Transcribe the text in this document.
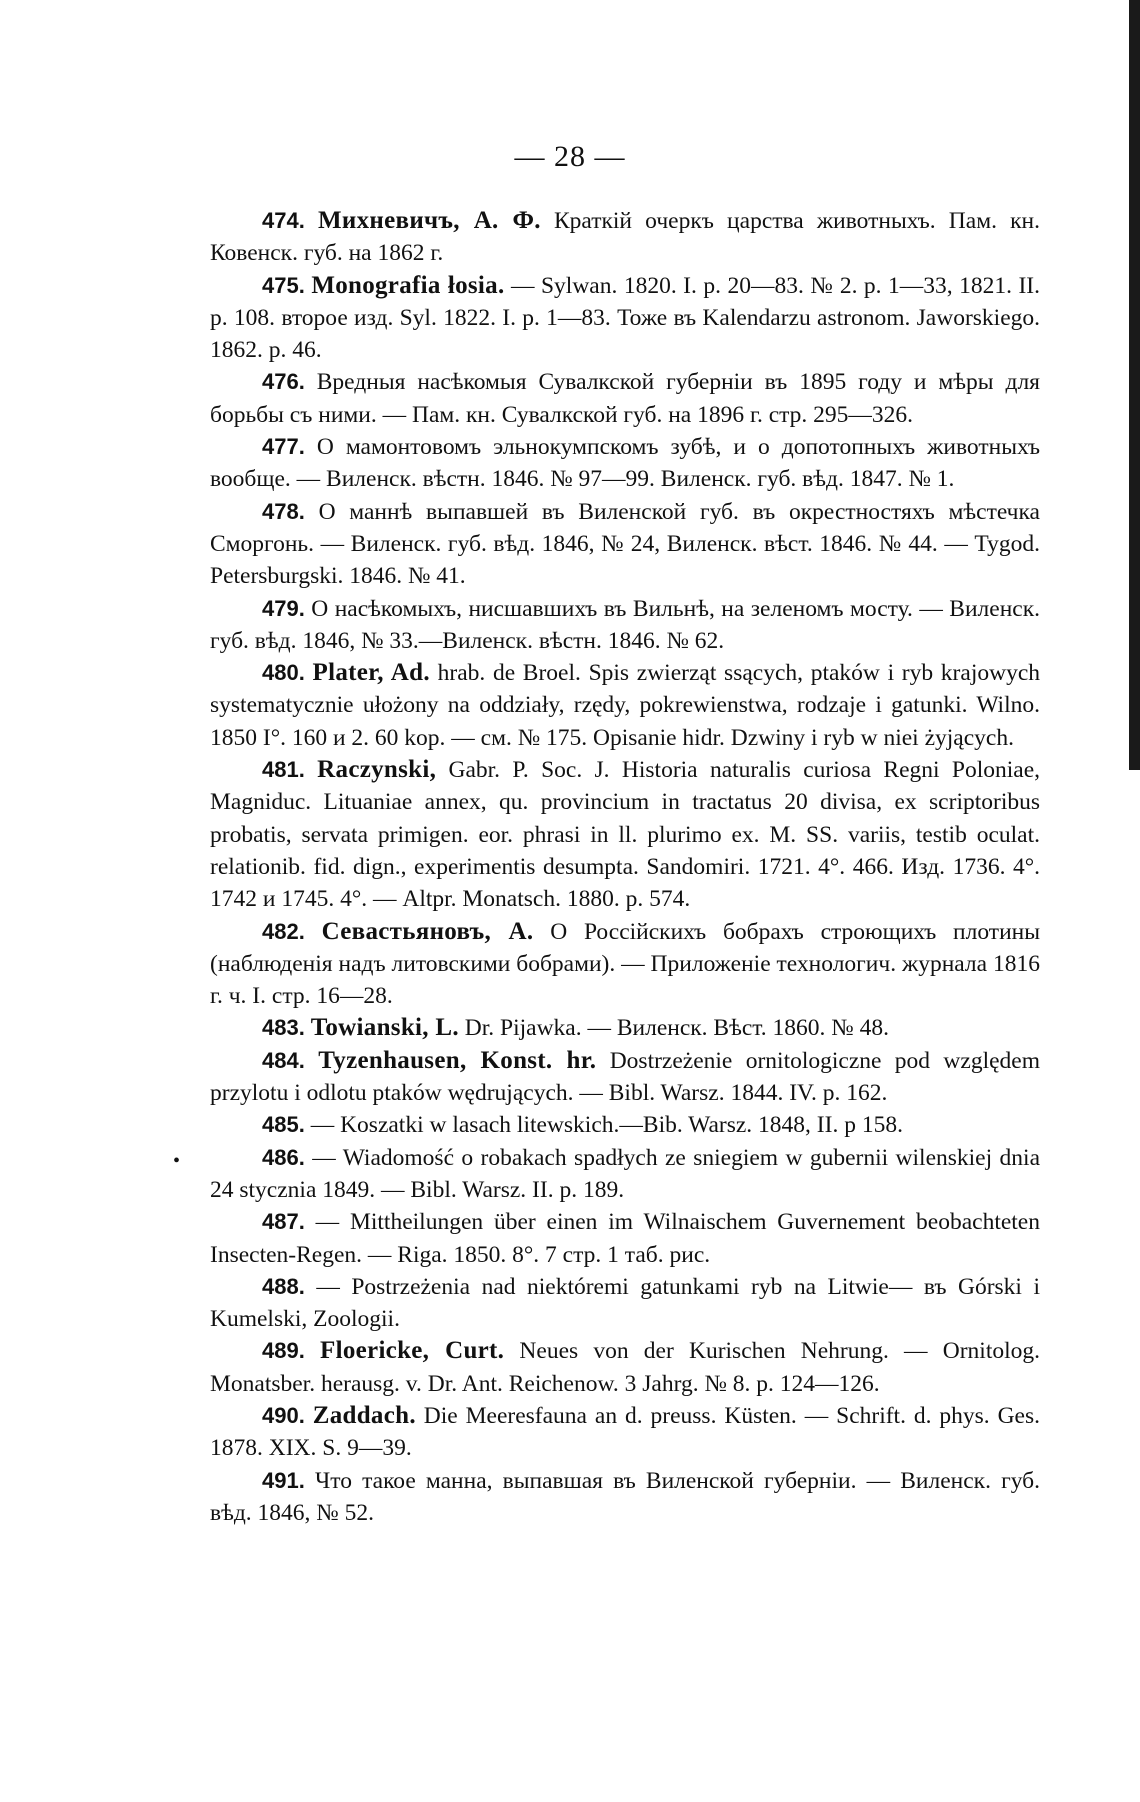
— 28 —
•

474. Михневичъ, А. Ф. Краткій очеркъ царства животныхъ. Пам. кн. Ковенск. губ. на 1862 г.

475. Monografia łosia. — Sylwan. 1820. I. p. 20—83. № 2. p. 1—33, 1821. II. p. 108. второе изд. Syl. 1822. I. p. 1—83. Тоже въ Kalendarzu astronom. Jaworskiego. 1862. p. 46.

476. Вредныя насѣкомыя Сувалкской губерніи въ 1895 году и мѣры для борьбы съ ними. — Пам. кн. Сувалкской губ. на 1896 г. стр. 295—326.

477. О мамонтовомъ эльнокумпскомъ зубѣ, и о допотопныхъ животныхъ вообще. — Виленск. вѣстн. 1846. № 97—99. Виленск. губ. вѣд. 1847. № 1.

478. О маннѣ выпавшей въ Виленской губ. въ окрестностяхъ мѣстечка Сморгонь. — Виленск. губ. вѣд. 1846, № 24, Виленск. вѣст. 1846. № 44. — Tygod. Petersburgski. 1846. № 41.

479. О насѣкомыхъ, нисшавшихъ въ Вильнѣ, на зеленомъ мосту. — Виленск. губ. вѣд. 1846, № 33.—Виленск. вѣстн. 1846. № 62.

480. Plater, Ad. hrab. de Broel. Spis zwierząt ssących, ptaków i ryb krajowych systematycznie ułożony na oddziały, rzędy, pokrewienstwa, rodzaje i gatunki. Wilno. 1850 I°. 160 и 2. 60 kop. — см. № 175. Opisanie hidr. Dzwiny i ryb w niei żyjących.

481. Raczynski, Gabr. P. Soc. J. Historia naturalis curiosa Regni Poloniae, Magniduc. Lituaniae annex, qu. provincium in tractatus 20 divisa, ex scriptoribus probatis, servata primigen. eor. phrasi in ll. plurimo ex. M. SS. variis, testib oculat. relationib. fid. dign., experimentis desumpta. Sandomiri. 1721. 4°. 466. Изд. 1736. 4°. 1742 и 1745. 4°. — Altpr. Monatsch. 1880. p. 574.

482. Севастьяновъ, А. О Россійскихъ бобрахъ строющихъ плотины (наблюденія надъ литовскими бобрами). — Приложеніе технологич. журнала 1816 г. ч. I. стр. 16—28.

483. Towianski, L. Dr. Pijawka. — Виленск. Вѣст. 1860. № 48.

484. Tyzenhausen, Konst. hr. Dostrzeżenie ornitologiczne pod względem przylotu i odlotu ptaków wędrujących. — Bibl. Warsz. 1844. IV. p. 162.

485. — Koszatki w lasach litewskich.—Bib. Warsz. 1848, II. p 158.

486. — Wiadomość o robakach spadłych ze sniegiem w gubernii wilenskiej dnia 24 stycznia 1849. — Bibl. Warsz. II. p. 189.

487. — Mittheilungen über einen im Wilnaischem Guvernement beobachteten Insecten-Regen. — Riga. 1850. 8°. 7 стр. 1 таб. рис.

488. — Postrzeżenia nad niektóremi gatunkami ryb na Litwie— въ Górski i Kumelski, Zoologii.

489. Floericke, Curt. Neues von der Kurischen Nehrung. — Ornitolog. Monatsber. herausg. v. Dr. Ant. Reichenow. 3 Jahrg. № 8. p. 124—126.

490. Zaddach. Die Meeresfauna an d. preuss. Küsten. — Schrift. d. phys. Ges. 1878. XIX. S. 9—39.

491. Что такое манна, выпавшая въ Виленской губерніи. — Виленск. губ. вѣд. 1846, № 52.
